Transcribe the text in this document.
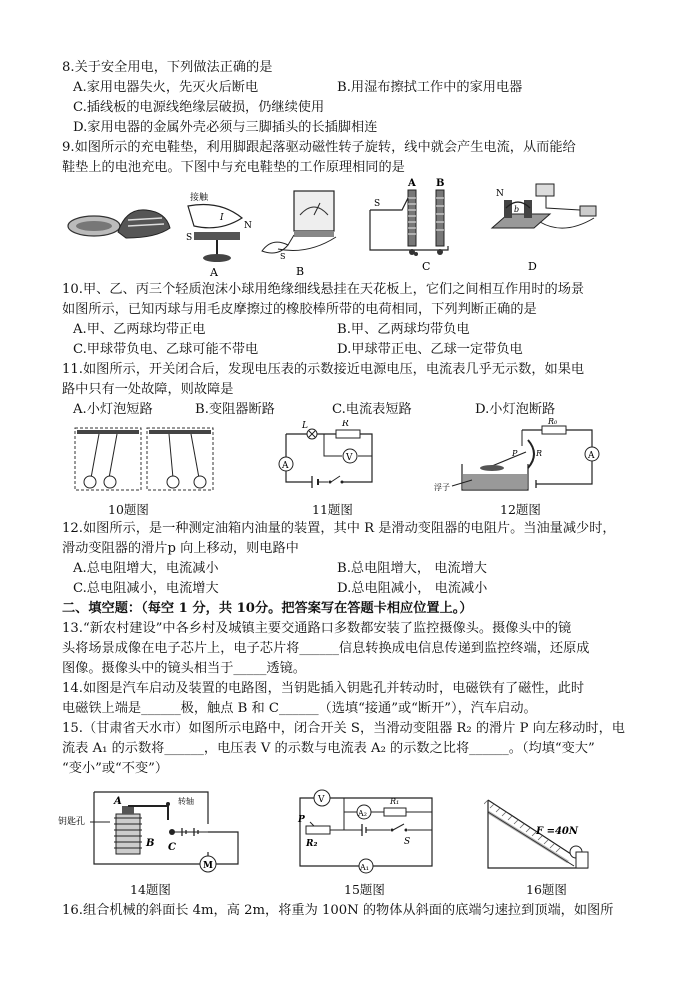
8.关于安全用电，下列做法正确的是
A.家用电器失火，先灭火后断电	B.用湿布擦拭工作中的家用电器
C.插线板的电源线绝缘层破损，仍继续使用
D.家用电器的金属外壳必须与三脚插头的长插脚相连
9.如图所示的充电鞋垫，利用脚跟起落驱动磁性转子旋转，线中就会产生电流，从而能给
鞋垫上的电池充电。下图中与充电鞋垫的工作原理相同的是
接触
I
S
N
A
S
B
A B
S
C
N
b
D
10.甲、乙、丙三个轻质泡沫小球用绝缘细线悬挂在天花板上，它们之间相互作用时的场景
如图所示，已知丙球与用毛皮摩擦过的橡胶棒所带的电荷相同，下列判断正确的是
A.甲、乙两球均带正电	B.甲、乙两球均带负电
C.甲球带负电、乙球可能不带电	D.甲球带正电、乙球一定带负电
11.如图所示，开关闭合后，发现电压表的示数接近电源电压，电流表几乎无示数，如果电
路中只有一处故障，则故障是
A.小灯泡短路	B.变阻器断路	C.电流表短路	D.小灯泡断路
10题图
A
L	R
V
11题图
R₀
A
R
P
浮子
12题图
12.如图所示，是一种测定油箱内油量的装置，其中 R 是滑动变阻器的电阻片。当油量减少时，
滑动变阻器的滑片p 向上移动，则电路中
A.总电阻增大，电流减小	B.总电阻增大， 电流增大
C.总电阻减小，电流增大	D.总电阻减小， 电流减小
二、填空题：（每空 1 分，共 10分。把答案写在答题卡相应位置上。）
13.“新农村建设”中各乡村及城镇主要交通路口多数都安装了监控摄像头。摄像头中的镜
头将场景成像在电子芯片上，电子芯片将______信息转换成电信息传递到监控终端，还原成
图像。摄像头中的镜头相当于_____透镜。
14.如图是汽车启动及装置的电路图，当钥匙插入钥匙孔并转动时，电磁铁有了磁性，此时
电磁铁上端是______极，触点 B 和 C______（选填“接通”或“断开”），汽车启动。
15.（甘肃省天水市）如图所示电路中，闭合开关 S，当滑动变阻器 R₂ 的滑片 P 向左移动时，电
流表 A₁ 的示数将______，电压表 V 的示数与电流表 A₂ 的示数之比将______。（均填“变大”
“变小”或“不变”）
钥匙孔
A	转轴
B C
M
14题图
V
A₂
R₁
P
R₂	S
A₁
15题图
F =40N
16题图
16.组合机械的斜面长 4m，高 2m，将重为 100N 的物体从斜面的底端匀速拉到顶端，如图所
